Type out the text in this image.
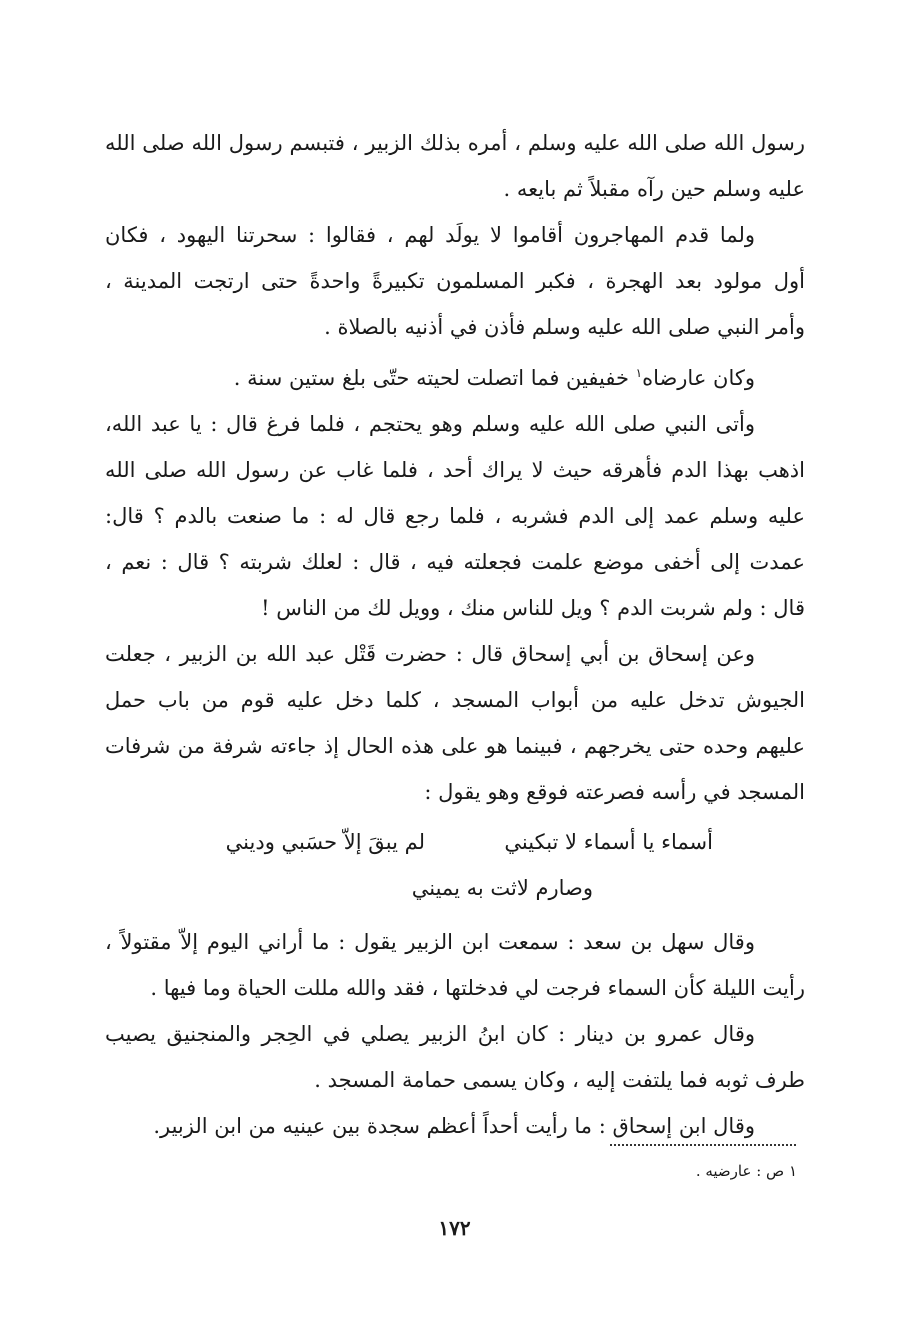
رسول الله صلى الله عليه وسلم ، أمره بذلك الزبير ، فتبسم رسول الله صلى الله
عليه وسلم حين رآه مقبلاً ثم بايعه .

ولما قدم المهاجرون أقاموا لا يولَد لهم ، فقالوا : سحرتنا اليهود ، فكان
أول مولود بعد الهجرة ، فكبر المسلمون تكبيرةً واحدةً حتى ارتجت المدينة ،
وأمر النبي صلى الله عليه وسلم فأذن في أذنيه بالصلاة .

وكان عارضاه$^١$ خفيفين فما اتصلت لحيته حتّى بلغ ستين سنة .

وأتى النبي صلى الله عليه وسلم وهو يحتجم ، فلما فرغ قال : يا عبد الله،
اذهب بهذا الدم فأهرقه حيث لا يراك أحد ، فلما غاب عن رسول الله صلى الله
عليه وسلم عمد إلى الدم فشربه ، فلما رجع قال له : ما صنعت بالدم ؟ قال:
عمدت إلى أخفى موضع علمت فجعلته فيه ، قال : لعلك شربته ؟ قال : نعم ،
قال : ولم شربت الدم ؟ ويل للناس منك ، وويل لك من الناس !

وعن إسحاق بن أبي إسحاق قال : حضرت قَتْل عبد الله بن الزبير ، جعلت
الجيوش تدخل عليه من أبواب المسجد ، كلما دخل عليه قوم من باب حمل
عليهم وحده حتى يخرجهم ، فبينما هو على هذه الحال إذ جاءته شرفة من شرفات
المسجد في رأسه فصرعته فوقع وهو يقول :

أسماء يا أسماء لا تبكيني
لم يبقَ إلاّ حسَبي وديني
وصارم لاثت به يميني

وقال سهل بن سعد : سمعت ابن الزبير يقول : ما أراني اليوم إلاّ مقتولاً ،
رأيت الليلة كأن السماء فرجت لي فدخلتها ، فقد والله مللت الحياة وما فيها .

وقال عمرو بن دينار : كان ابنُ الزبير يصلي في الحِجر والمنجنيق يصيب
طرف ثوبه فما يلتفت إليه ، وكان يسمى حمامة المسجد .

وقال ابن إسحاق : ما رأيت أحداً أعظم سجدة بين عينيه من ابن الزبير.

١ ص : عارضيه .
١٧٢
